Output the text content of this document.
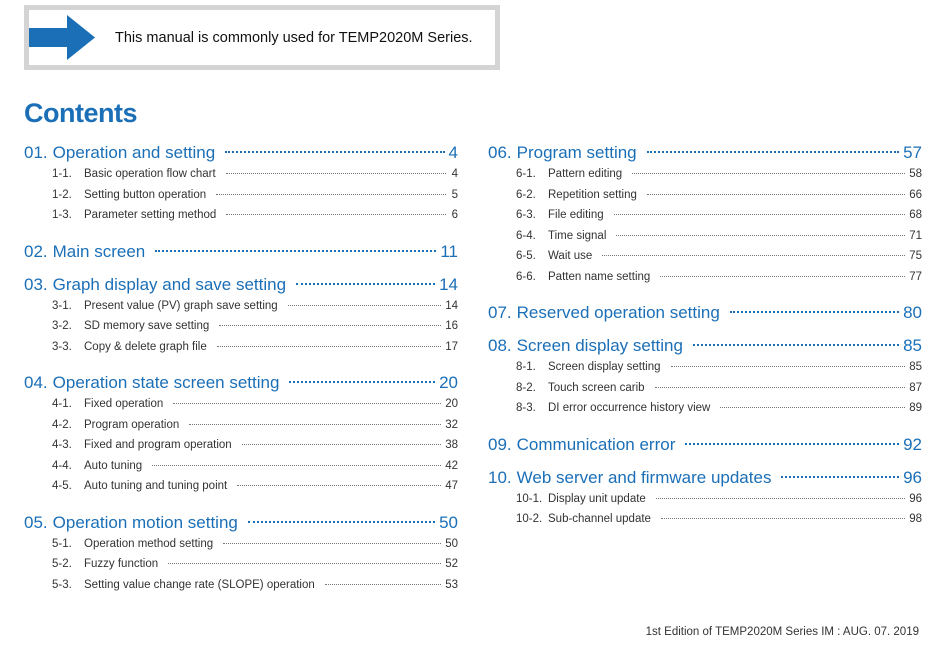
This manual is commonly used for TEMP2020M Series.
Contents
01. Operation and setting	4
1-1.	Basic operation flow chart	4
1-2.	Setting button operation	5
1-3.	Parameter setting method	6
02. Main screen	11
03. Graph display and save setting	14
3-1.	Present value (PV) graph save setting	14
3-2.	SD memory save setting	16
3-3.	Copy & delete graph file	17
04. Operation state screen setting	20
4-1.	Fixed operation	20
4-2.	Program operation	32
4-3.	Fixed and program operation	38
4-4.	Auto tuning	42
4-5.	Auto tuning and tuning point	47
05. Operation motion setting	50
5-1.	Operation method setting	50
5-2.	Fuzzy function	52
5-3.	Setting value change rate (SLOPE) operation	53
06. Program setting	57
6-1.	Pattern editing	58
6-2.	Repetition setting	66
6-3.	File editing	68
6-4.	Time signal	71
6-5.	Wait use	75
6-6.	Patten name setting	77
07. Reserved operation setting	80
08. Screen display setting	85
8-1.	Screen display setting	85
8-2.	Touch screen carib	87
8-3.	DI error occurrence history view	89
09. Communication error	92
10. Web server and firmware updates	96
10-1. Display unit update	96
10-2. Sub-channel update	98
1st Edition of TEMP2020M Series IM : AUG. 07. 2019
